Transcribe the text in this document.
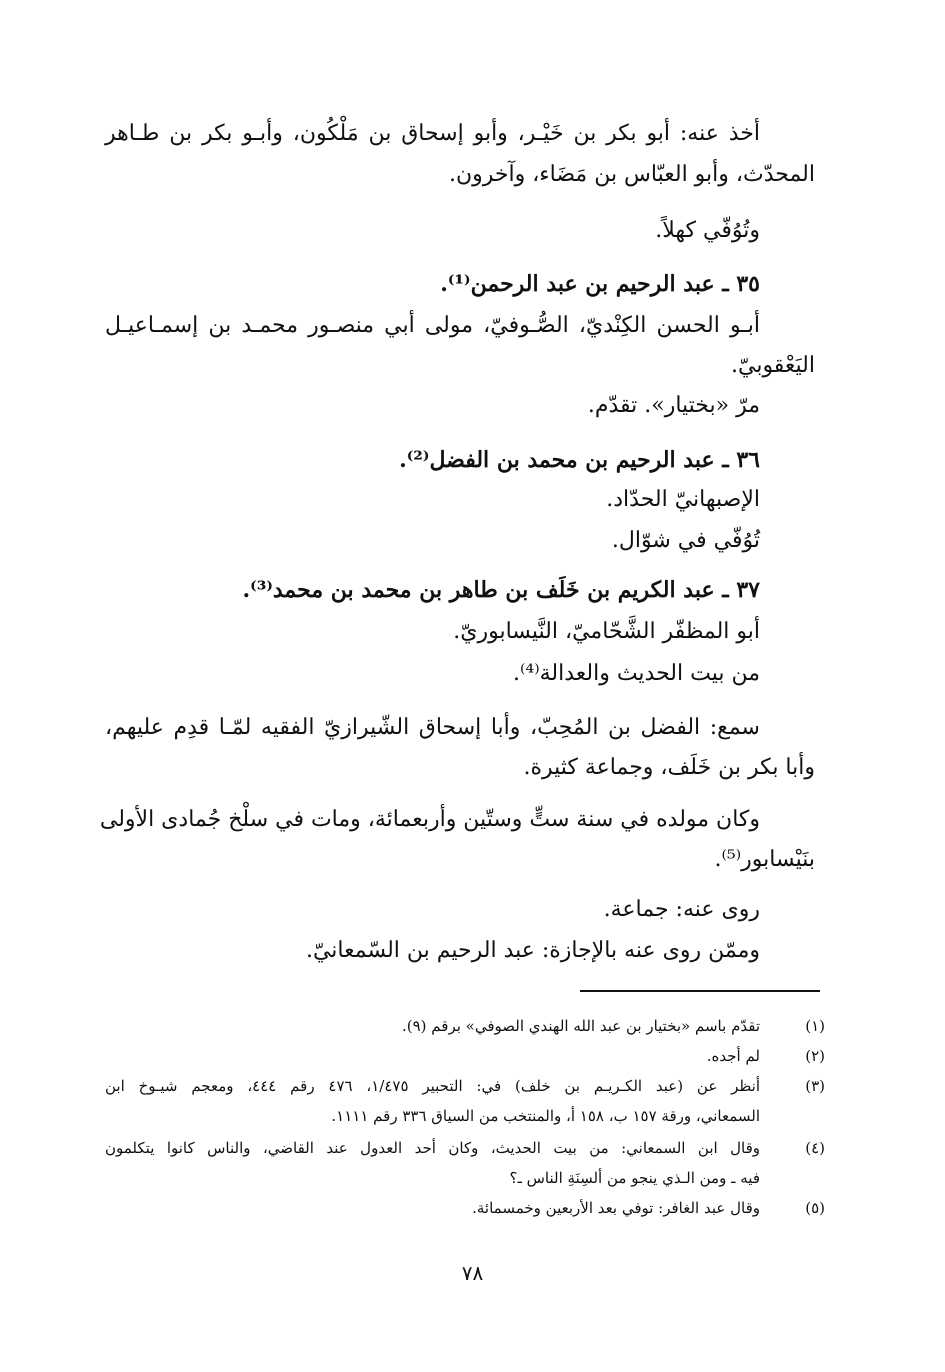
أخذ عنه: أبو بكر بن خَيْـر، وأبو إسحاق بن مَلْكُون، وأبـو بكر بن طـاهر
المحدّث، وأبو العبّاس بن مَضَاء، وآخرون.
وتُوُفّي كهلاً.
٣٥ ـ عبد الرحيم بن عبد الرحمن⁽¹⁾.
أبـو الحسن الكِنْديّ، الصُّـوفيّ، مولى أبي منصـور محمـد بن إسمـاعيـل
اليَعْقوبيّ.
مرّ «بختيار». تقدّم.
٣٦ ـ عبد الرحيم بن محمد بن الفضل⁽²⁾.
الإصبهانيّ الحدّاد.
تُوُفّي في شوّال.
٣٧ ـ عبد الكريم بن خَلَف بن طاهر بن محمد بن محمد⁽³⁾.
أبو المظفّر الشَّحّاميّ، النَّيسابوريّ.
من بيت الحديث والعدالة⁽⁴⁾.
سمع: الفضل بن المُحِبّ، وأبا إسحاق الشّيرازيّ الفقيه لمّـا قدِم عليهم،
وأبا بكر بن خَلَف، وجماعة كثيرة.
وكان مولده في سنة ستٍّ وستّين وأربعمائة، ومات في سلْخ جُمادى الأولى
بنَيْسابور⁽⁵⁾.
روى عنه: جماعة.
وممّن روى عنه بالإجازة: عبد الرحيم بن السّمعانيّ.
(١)
تقدّم باسم «بختيار بن عبد الله الهندي الصوفي» برقم (٩).
(٢)
لم أجده.
(٣)
أنظر عن (عبد الكـريـم بن خلف) في: التحبير ١/٤٧٥، ٤٧٦ رقم ٤٤٤، ومعجم شيـوخ ابن
السمعاني، ورقة ١٥٧ ب، ١٥٨ أ، والمنتخب من السياق ٣٣٦ رقم ١١١١.
(٤)
وقال ابن السمعاني: من بيت الحديث، وكان أحد العدول عند القاضي، والناس كانوا يتكلمون
فيه ـ ومن الـذي ينجو من ألسِنَةِ الناس ـ؟
(٥)
وقال عبد الغافر: توفي بعد الأربعين وخمسمائة.
٧٨
